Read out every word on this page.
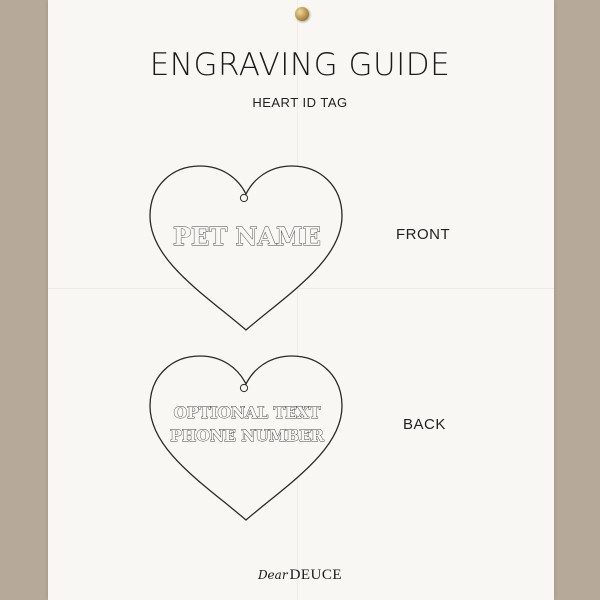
ENGRAVING GUIDE
HEART ID TAG
PET NAME	FRONT
OPTIONAL TEXT
PHONE NUMBER
BACK
Dear DEUCE
